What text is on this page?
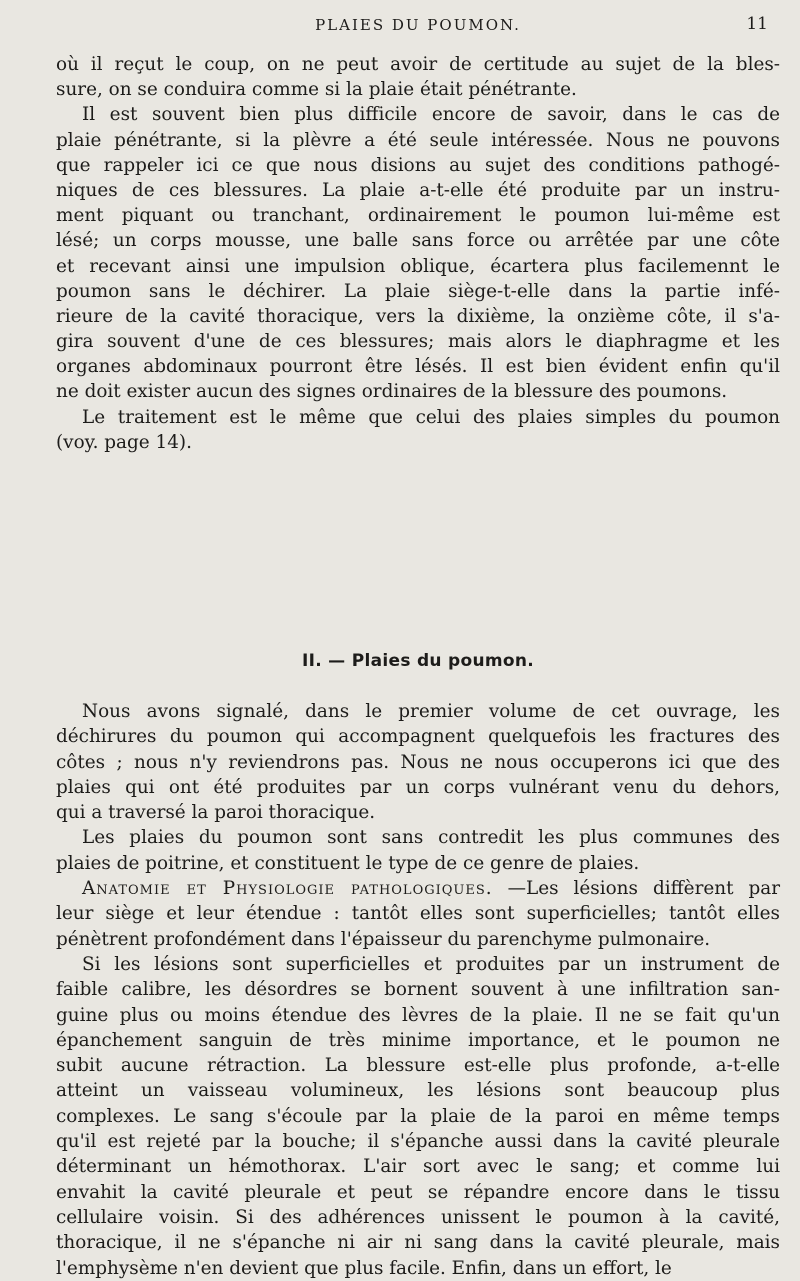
PLAIES DU POUMON.	11
où il reçut le coup, on ne peut avoir de certitude au sujet de la bles-
sure, on se conduira comme si la plaie était pénétrante.
Il est souvent bien plus difficile encore de savoir, dans le cas de
plaie pénétrante, si la plèvre a été seule intéressée. Nous ne pouvons
que rappeler ici ce que nous disions au sujet des conditions pathogé-
niques de ces blessures. La plaie a-t-elle été produite par un instru-
ment piquant ou tranchant, ordinairement le poumon lui-même est
lésé; un corps mousse, une balle sans force ou arrêtée par une côte
et recevant ainsi une impulsion oblique, écartera plus facilemennt le
poumon sans le déchirer. La plaie siège-t-elle dans la partie infé-
rieure de la cavité thoracique, vers la dixième, la onzième côte, il s'a-
gira souvent d'une de ces blessures; mais alors le diaphragme et les
organes abdominaux pourront être lésés. Il est bien évident enfin qu'il
ne doit exister aucun des signes ordinaires de la blessure des poumons.
Le traitement est le même que celui des plaies simples du poumon
(voy. page 14).
II. — Plaies du poumon.
Nous avons signalé, dans le premier volume de cet ouvrage, les
déchirures du poumon qui accompagnent quelquefois les fractures des
côtes ; nous n'y reviendrons pas. Nous ne nous occuperons ici que des
plaies qui ont été produites par un corps vulnérant venu du dehors,
qui a traversé la paroi thoracique.
Les plaies du poumon sont sans contredit les plus communes des
plaies de poitrine, et constituent le type de ce genre de plaies.
Anatomie et Physiologie pathologiques. —Les lésions diffèrent par
leur siège et leur étendue : tantôt elles sont superficielles; tantôt elles
pénètrent profondément dans l'épaisseur du parenchyme pulmonaire.
Si les lésions sont superficielles et produites par un instrument de
faible calibre, les désordres se bornent souvent à une infiltration san-
guine plus ou moins étendue des lèvres de la plaie. Il ne se fait qu'un
épanchement sanguin de très minime importance, et le poumon ne
subit aucune rétraction. La blessure est-elle plus profonde, a-t-elle
atteint un vaisseau volumineux, les lésions sont beaucoup plus
complexes. Le sang s'écoule par la plaie de la paroi en même temps
qu'il est rejeté par la bouche; il s'épanche aussi dans la cavité pleurale
déterminant un hémothorax. L'air sort avec le sang; et comme lui
envahit la cavité pleurale et peut se répandre encore dans le tissu
cellulaire voisin. Si des adhérences unissent le poumon à la cavité,
thoracique, il ne s'épanche ni air ni sang dans la cavité pleurale, mais
l'emphysème n'en devient que plus facile. Enfin, dans un effort, le
